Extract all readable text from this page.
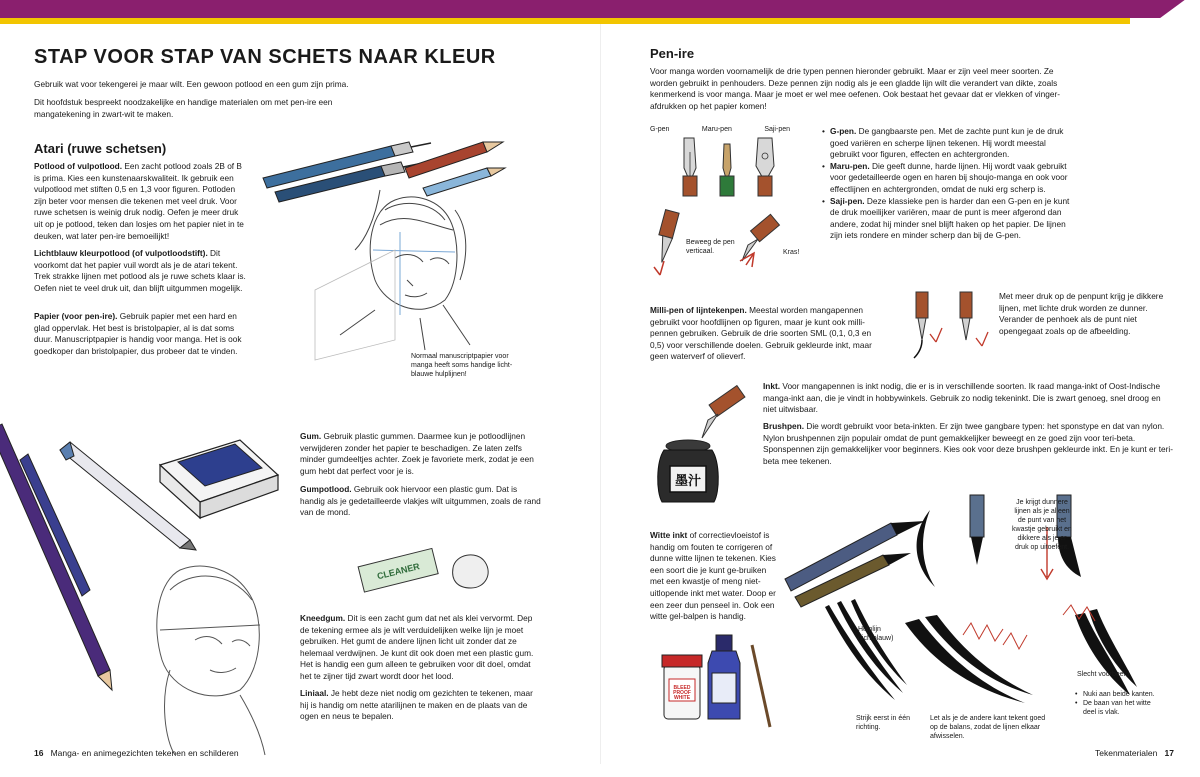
STAP VOOR STAP VAN SCHETS NAAR KLEUR

Gebruik wat voor tekengerei je maar wilt. Een gewoon potlood en een gum zijn prima.

Dit hoofdstuk bespreekt noodzakelijke en handige materialen om met pen-ire een mangatekening in zwart-wit te maken.

Atari (ruwe schetsen)

Potlood of vulpotlood. Een zacht potlood zoals 2B of B is prima. Kies een kunstenaarskwaliteit. Ik gebruik een vulpotlood met stiften 0,5 en 1,3 voor figuren. Potloden zijn beter voor mensen die tekenen met veel druk. Voor ruwe schetsen is weinig druk nodig. Oefen je meer druk uit op je potlood, teken dan losjes om het papier niet in te deuken, wat later pen-ire bemoeilijkt!

Lichtblauw kleurpotlood (of vulpotloodstift). Dit voorkomt dat het papier vuil wordt als je de atari tekent. Trek strakke lijnen met potlood als je ruwe schets klaar is. Oefen niet te veel druk uit, dan blijft uitgummen mogelijk.

Papier (voor pen-ire). Gebruik papier met een hard en glad oppervlak. Het best is bristolpapier, al is dat soms duur. Manuscriptpapier is handig voor manga. Het is ook goedkoper dan bristolpapier, dus probeer dat te vinden.

Normaal manuscriptpapier voor manga heeft soms handige licht-blauwe hulplijnen!

Gum. Gebruik plastic gummen. Daarmee kun je potloodlijnen verwijderen zonder het papier te beschadigen. Ze laten zelfs minder gumdeeltjes achter. Zoek je favoriete merk, zodat je een gum hebt dat perfect voor je is.

Gumpotlood. Gebruik ook hiervoor een plastic gum. Dat is handig als je gedetailleerde vlakjes wilt uitgummen, zoals de rand van de mond.

CLEANER

Kneedgum. Dit is een zacht gum dat net als klei vervormt. Dep de tekening ermee als je wilt verduidelijken welke lijn je moet gebruiken. Het gumt de andere lijnen licht uit zonder dat ze helemaal verdwijnen. Je kunt dit ook doen met een plastic gum. Het is handig een gum alleen te gebruiken voor dit doel, omdat het te zijner tijd zwart wordt door het lood.

Liniaal. Je hebt deze niet nodig om gezichten te tekenen, maar hij is handig om nette atarilijnen te maken en de plaats van de ogen en neus te bepalen.

16 Manga- en animegezichten tekenen en schilderen
Pen-ire

Voor manga worden voornamelijk de drie typen pennen hieronder gebruikt. Maar er zijn veel meer soorten. Ze worden gebruikt in penhouders. Deze pennen zijn nodig als je een gladde lijn wilt die verandert van dikte, zoals kenmerkend is voor manga. Maar je moet er wel mee oefenen. Ook bestaat het gevaar dat er vlekken of vinger-afdrukken op het papier komen!

G-pen	Maru-pen	Saji-pen
•	G-pen. De gangbaarste pen. Met de zachte punt kun je de druk goed variëren en scherpe lijnen tekenen. Hij wordt meestal gebruikt voor figuren, effecten en achtergronden.
• Maru-pen. Die geeft dunne, harde lijnen. Hij wordt vaak gebruikt voor gedetailleerde ogen en haren bij shoujo-manga en ook voor effectlijnen en achtergronden, omdat de nuki erg scherp is.
• Saji-pen. Deze klassieke pen is harder dan een G-pen en je kunt de druk moeilijker variëren, maar de punt is meer afgerond dan andere, zodat hij minder snel blijft haken op het papier. De lijnen zijn iets rondere en minder scherp dan bij de G-pen.

Beweeg de pen verticaal.	Kras!

Milli-pen of lijntekenpen. Meestal worden mangapennen gebruikt voor hoofdlijnen op figuren, maar je kunt ook milli-pennen gebruiken. Gebruik de drie soorten SML (0,1, 0,3 en 0,5) voor verschillende doelen. Gebruik gekleurde inkt, maar geen waterverf of olieverf.

Met meer druk op de penpunt krijg je dikkere lijnen, met lichte druk worden ze dunner. Verander de penhoek als de punt niet opengegaat zoals op de afbeelding.

墨汁

Inkt. Voor mangapennen is inkt nodig, die er is in verschillende soorten. Ik raad manga-inkt of Oost-Indische manga-inkt aan, die je vindt in hobbywinkels. Gebruik zo nodig tekeninkt. Die is zwart genoeg, snel droog en niet uitwisbaar.

Brushpen. Die wordt gebruikt voor beta-inkten. Er zijn twee gangbare typen: het sponstype en dat van nylon. Nylon brushpennen zijn populair omdat de punt gemakkelijker beweegt en ze goed zijn voor teri-beta. Sponspennen zijn gemakkelijker voor beginners. Kies ook voor deze brushpen gekleurde inkt. En je kunt er teri-beta mee tekenen.

Witte inkt of correctievloeistof is handig om fouten te corrigeren of dunne witte lijnen te tekenen. Kies een soort die je kunt ge-bruiken met een kwastje of meng niet-uitlopende inkt met water. Doop er een zeer dun penseel in. Ook een witte gel-balpen is handig.

Je krijgt dunnere lijnen als je alleen de punt van het kwastje gebruikt en dikkere als je er druk op uitoefent.

Hulplijn (lichtblauw)

Strijk eerst in één richting.

Let als je de andere kant tekent goed op de balans, zodat de lijnen elkaar afwisselen.

Slecht voorbeeld

• Nuki aan beide kanten.
• De baan van het witte deel is vlak.
BLEED PROOF WHITE
Tekenmaterialen 17
